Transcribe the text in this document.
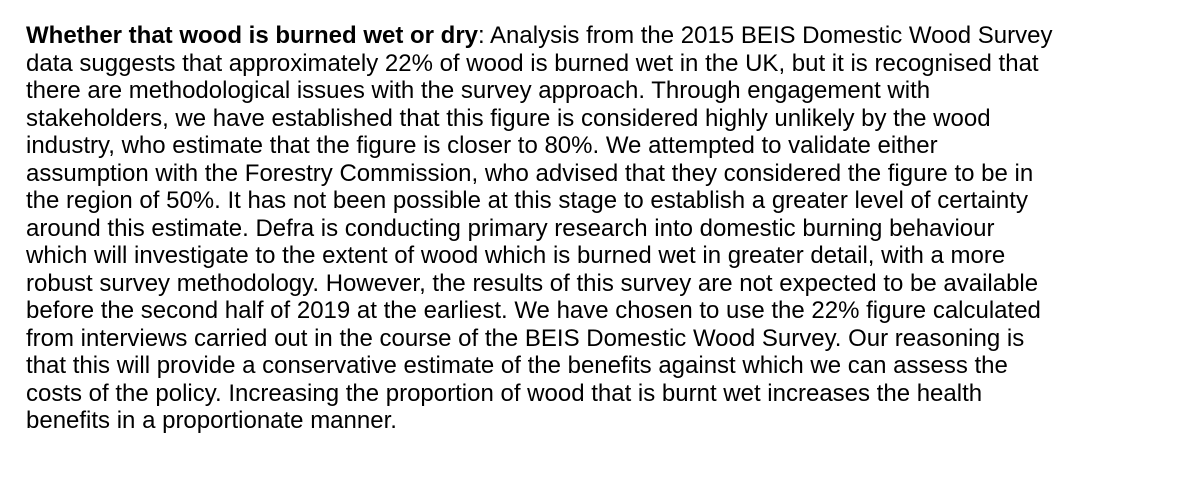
Whether that wood is burned wet or dry: Analysis from the 2015 BEIS Domestic Wood Survey
data suggests that approximately 22% of wood is burned wet in the UK, but it is recognised that
there are methodological issues with the survey approach. Through engagement with
stakeholders, we have established that this figure is considered highly unlikely by the wood
industry, who estimate that the figure is closer to 80%. We attempted to validate either
assumption with the Forestry Commission, who advised that they considered the figure to be in
the region of 50%. It has not been possible at this stage to establish a greater level of certainty
around this estimate. Defra is conducting primary research into domestic burning behaviour
which will investigate to the extent of wood which is burned wet in greater detail, with a more
robust survey methodology. However, the results of this survey are not expected to be available
before the second half of 2019 at the earliest. We have chosen to use the 22% figure calculated
from interviews carried out in the course of the BEIS Domestic Wood Survey. Our reasoning is
that this will provide a conservative estimate of the benefits against which we can assess the
costs of the policy. Increasing the proportion of wood that is burnt wet increases the health
benefits in a proportionate manner.
